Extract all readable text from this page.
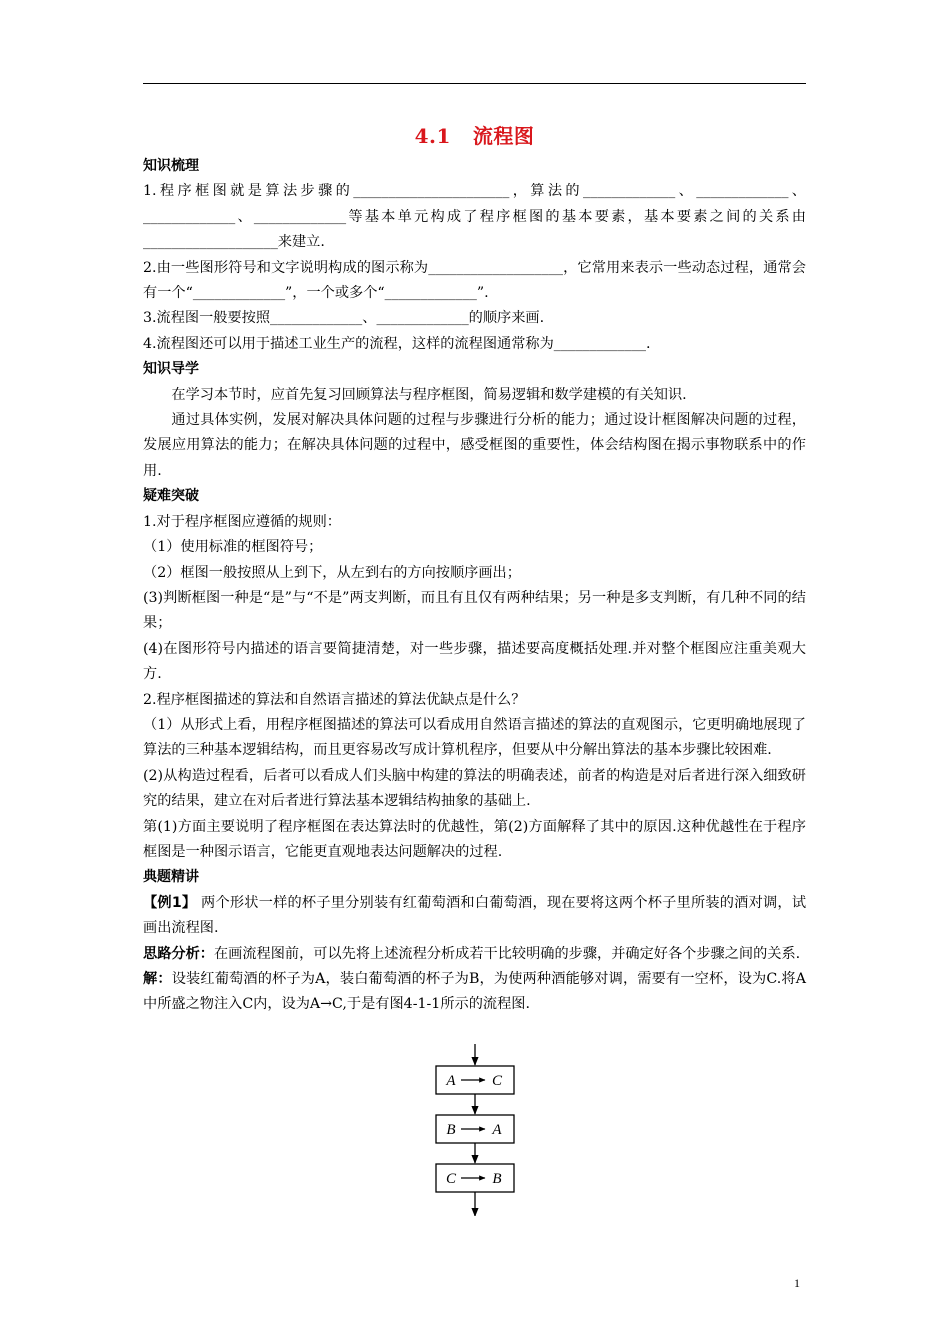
4.1 流程图
知识梳理

1.程序框图就是算法步骤的______________________，算法的_____________、_____________、_____________、_____________等基本单元构成了程序框图的基本要素，基本要素之间的关系由___________________来建立.

2.由一些图形符号和文字说明构成的图示称为___________________，它常用来表示一些动态过程，通常会有一个“_____________”，一个或多个“_____________”.

3.流程图一般要按照_____________、_____________的顺序来画.

4.流程图还可以用于描述工业生产的流程，这样的流程图通常称为_____________.

知识导学

在学习本节时，应首先复习回顾算法与程序框图，简易逻辑和数学建模的有关知识.

通过具体实例，发展对解决具体问题的过程与步骤进行分析的能力；通过设计框图解决问题的过程，发展应用算法的能力；在解决具体问题的过程中，感受框图的重要性，体会结构图在揭示事物联系中的作用.

疑难突破

1.对于程序框图应遵循的规则：

（1）使用标准的框图符号；

（2）框图一般按照从上到下，从左到右的方向按顺序画出；

(3)判断框图一种是“是”与“不是”两支判断，而且有且仅有两种结果；另一种是多支判断，有几种不同的结果；

(4)在图形符号内描述的语言要简捷清楚，对一些步骤，描述要高度概括处理.并对整个框图应注重美观大方.

2.程序框图描述的算法和自然语言描述的算法优缺点是什么？

（1）从形式上看，用程序框图描述的算法可以看成用自然语言描述的算法的直观图示，它更明确地展现了算法的三种基本逻辑结构，而且更容易改写成计算机程序，但要从中分解出算法的基本步骤比较困难.

(2)从构造过程看，后者可以看成人们头脑中构建的算法的明确表述，前者的构造是对后者进行深入细致研究的结果，建立在对后者进行算法基本逻辑结构抽象的基础上.

第(1)方面主要说明了程序框图在表达算法时的优越性，第(2)方面解释了其中的原因.这种优越性在于程序框图是一种图示语言，它能更直观地表达问题解决的过程.

典题精讲

【例1】 两个形状一样的杯子里分别装有红葡萄酒和白葡萄酒，现在要将这两个杯子里所装的酒对调，试画出流程图.

思路分析：在画流程图前，可以先将上述流程分析成若干比较明确的步骤，并确定好各个步骤之间的关系.

解：设装红葡萄酒的杯子为A，装白葡萄酒的杯子为B，为使两种酒能够对调，需要有一空杯，设为C.将A中所盛之物注入C内，设为A→C,于是有图4-1-1所示的流程图.

A C
B A
C B
1
